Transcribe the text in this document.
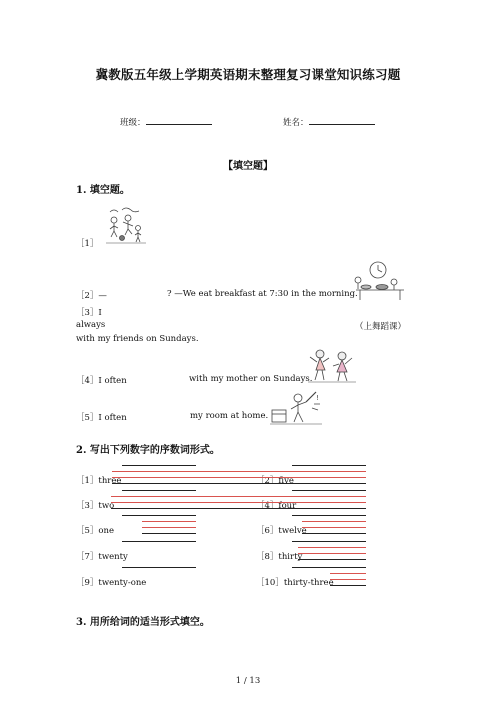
冀教版五年级上学期英语期末整理复习课堂知识练习题
班级：	姓名：
【填空题】
1. 填空题。
［1］
［2］—	? —We eat breakfast at 7:30 in the morning.
［3］I
always	（上舞蹈课）
with my friends on Sundays.
［4］I often	with my mother on Sundays.
［5］I often	my room at home.
!
2. 写出下列数字的序数词形式。
［1］three	［2］five
［3］two	［4］four
［5］one	［6］twelve
［7］twenty	［8］thirty
［9］twenty-one	［10］thirty-three
3. 用所给词的适当形式填空。
1 / 13
